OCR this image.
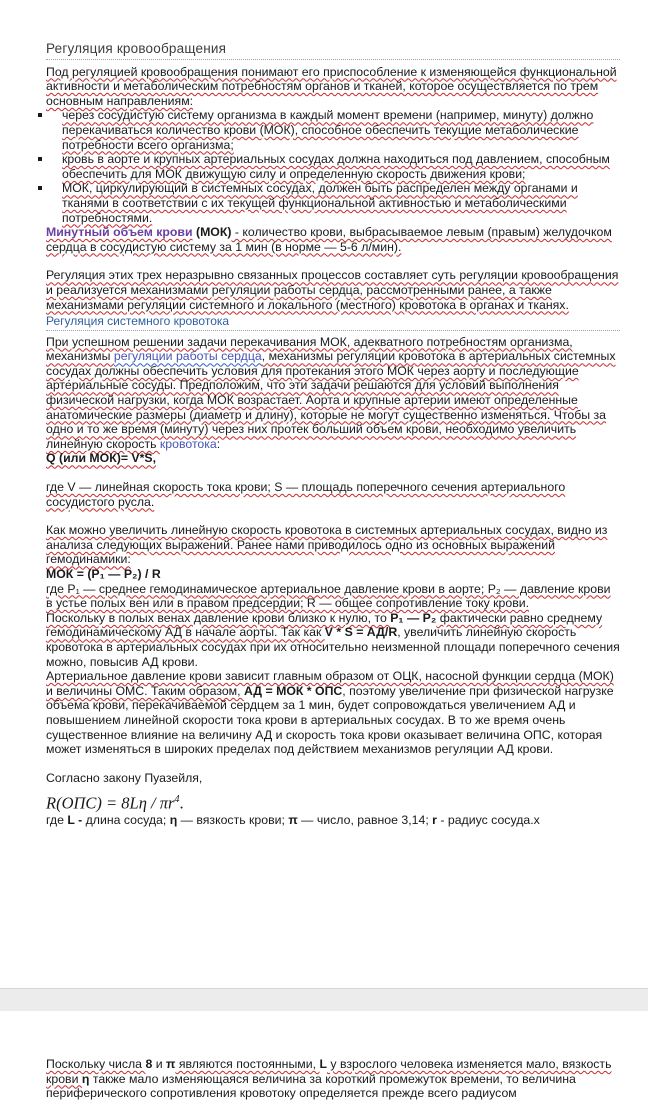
Регуляция кровообращения

Под регуляцией кровообращения понимают его приспособление к изменяющейся функциональной активности и метаболическим потребностям органов и тканей, которое осуществляется по трем основным направлениям:

через сосудистую систему организма в каждый момент времени (например, минуту) должно перекачиваться количество крови (МОК), способное обеспечить текущие метаболические потребности всего организма;
кровь в аорте и крупных артериальных сосудах должна находиться под давлением, способным обеспечить для МОК движущую силу и определенную скорость движения крови;
МОК, циркулирующий в системных сосудах, должен быть распределен между органами и тканями в соответствии с их текущей функциональной активностью и метаболическими потребностями.

Минутный объем крови (МОК) - количество крови, выбрасываемое левым (правым) желудочком сердца в сосудистую систему за 1 мин (в норме — 5-6 л/мин).

Регуляция этих трех неразрывно связанных процессов составляет суть регуляции кровообращения и реализуется механизмами регуляции работы сердца, рассмотренными ранее, а также механизмами регуляции системного и локального (местного) кровотока в органах и тканях.

Регуляция системного кровотока

При успешном решении задачи перекачивания МОК, адекватного потребностям организма, механизмы регуляции работы сердца, механизмы регуляции кровотока в артериальных системных сосудах должны обеспечить условия для протекания этого МОК через аорту и последующие артериальные сосуды. Предположим, что эти задачи решаются для условий выполнения физической нагрузки, когда МОК возрастает. Аорта и крупные артерии имеют определенные анатомические размеры (диаметр и длину), которые не могут существенно изменяться. Чтобы за одно и то же время (минуту) через них протек больший объем крови, необходимо увеличить линейную скорость кровотока:

Q (или МОК)= V*S,

где V — линейная скорость тока крови; S — площадь поперечного сечения артериального сосудистого русла.

Как можно увеличить линейную скорость кровотока в системных артериальных сосудах, видно из анализа следующих выражений. Ранее нами приводилось одно из основных выражений гемодинамики:

МОК = (P₁ — P₂) / R

где P₁ — среднее гемодинамическое артериальное давление крови в аорте; P₂ — давление крови в устье полых вен или в правом предсердии; R — общее сопротивление току крови.

Поскольку в полых венах давление крови близко к нулю, то P₁ — P₂ фактически равно среднему гемодинамическому АД в начале аорты. Так как V * S = АД/R, увеличить линейную скорость кровотока в артериальных сосудах при их относительно неизменной площади поперечного сечения можно, повысив АД крови.

Артериальное давление крови зависит главным образом от ОЦК, насосной функции сердца (МОК) и величины ОМС. Таким образом, АД = МОК * ОПС, поэтому увеличение при физической нагрузке объема крови, перекачиваемой сердцем за 1 мин, будет сопровождаться увеличением АД и повышением линейной скорости тока крови в артериальных сосудах. В то же время очень существенное влияние на величину АД и скорость тока крови оказывает величина ОПС, которая может изменяться в широких пределах под действием механизмов регуляции АД крови.

Согласно закону Пуазейля,

$R(ОПС) = 8L\eta / \pi r^4$.

где L - длина сосуда; η — вязкость крови; π — число, равное 3,14; r - радиус сосуда.х

Поскольку числа 8 и π являются постоянными, L у взрослого человека изменяется мало, вязкость крови η также мало изменяющаяся величина за короткий промежуток времени, то величина периферического сопротивления кровотоку определяется прежде всего радиусом
